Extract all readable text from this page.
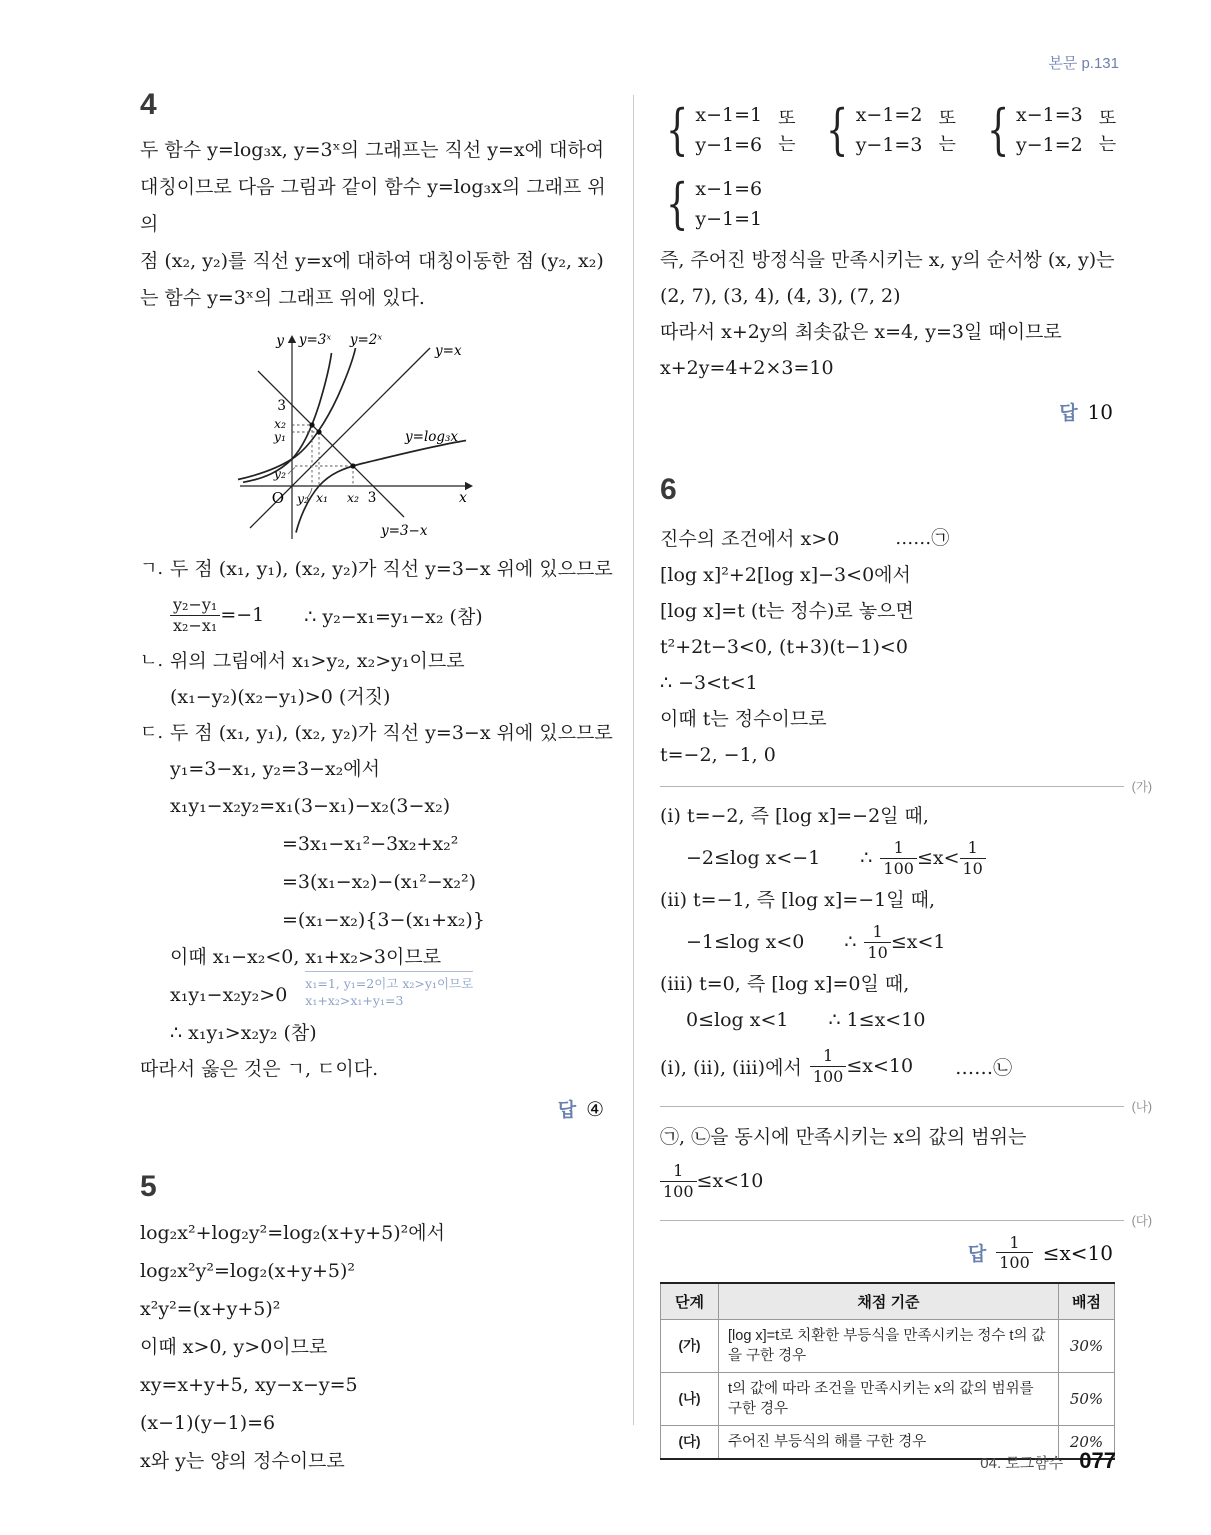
본문 p.131
4
두 함수 y=log₃x, y=3ˣ의 그래프는 직선 y=x에 대하여
대칭이므로 다음 그림과 같이 함수 y=log₃x의 그래프 위의
점 (x₂, y₂)를 직선 y=x에 대하여 대칭이동한 점 (y₂, x₂)
는 함수 y=3ˣ의 그래프 위에 있다.
y
x
O
y=3ˣ y=2ˣ
y=x
y=log₃x
y=3−x
3
x₂
y₁
y₂
y₂ x₁ x₂ 3
ㄱ. 두 점 (x₁, y₁), (x₂, y₂)가 직선 y=3−x 위에 있으므로
$\frac{\text{y₂−y₁}}{\text{x₂−x₁}} =-1$ ∴ y₂−x₁=y₁−x₂ (참)
ㄴ. 위의 그림에서 x₁>y₂, x₂>y₁이므로
(x₁−y₂)(x₂−y₁)>0 (거짓)
ㄷ. 두 점 (x₁, y₁), (x₂, y₂)가 직선 y=3−x 위에 있으므로
y₁=3−x₁, y₂=3−x₂에서
x₁y₁−x₂y₂=x₁(3−x₁)−x₂(3−x₂)
=3x₁−x₁²−3x₂+x₂²
=3(x₁−x₂)−(x₁²−x₂²)
=(x₁−x₂){3−(x₁+x₂)}
이때 x₁−x₂<0, x₁+x₂>3이므로
x₁y₁−x₂y₂>0
x₁=1, y₁=2이고 x₂>y₁이므로
x₁+x₂>x₁+y₁=3
∴ x₁y₁>x₂y₂ (참)
따라서 옳은 것은 ㄱ, ㄷ이다.
답 ④
5
log₂x²+log₂y²=log₂(x+y+5)²에서
log₂x²y²=log₂(x+y+5)²
x²y²=(x+y+5)²
이때 x>0, y>0이므로
xy=x+y+5, xy−x−y=5
(x−1)(y−1)=6
x와 y는 양의 정수이므로
{ x−1=1
y−1=6
또는 { x−1=2
y−1=3
또는 { x−1=3
y−1=2
또는
{ x−1=6
y−1=1
즉, 주어진 방정식을 만족시키는 x, y의 순서쌍 (x, y)는
(2, 7), (3, 4), (4, 3), (7, 2)
따라서 x+2y의 최솟값은 x=4, y=3일 때이므로
x+2y=4+2×3=10
답 10
6
진수의 조건에서 x>0	……㉠
[log x]²+2[log x]−3<0에서
[log x]=t (t는 정수)로 놓으면
t²+2t−3<0, (t+3)(t−1)<0
∴ −3<t<1
이때 t는 정수이므로
t=−2, −1, 0
(가)
(i) t=−2, 즉 [log x]=−2일 때,
−2≤log x<−1 ∴ $\frac{1}{100} \le x< \frac{1}{10}$
(ii) t=−1, 즉 [log x]=−1일 때,
−1≤log x<0 ∴ $\frac{1}{10} \le x<1$
(iii) t=0, 즉 [log x]=0일 때,
0≤log x<1 ∴ 1≤x<10
(i), (ii), (iii)에서 $\frac{1}{100} \le x<10$ ……㉡
(나)
㉠, ㉡을 동시에 만족시키는 x의 값의 범위는
$\frac{1}{100} \le x<10$
(다)
답 $\frac{1}{100} \le x<10$
단계	채점 기준	배점
(가)	[log x]=t로 치환한 부등식을 만족시키는 정수 t의 값을 구한 경우	30%
(나)	t의 값에 따라 조건을 만족시키는 x의 값의 범위를 구한 경우	50%
(다)	주어진 부등식의 해를 구한 경우	20%
04. 로그함수 077
